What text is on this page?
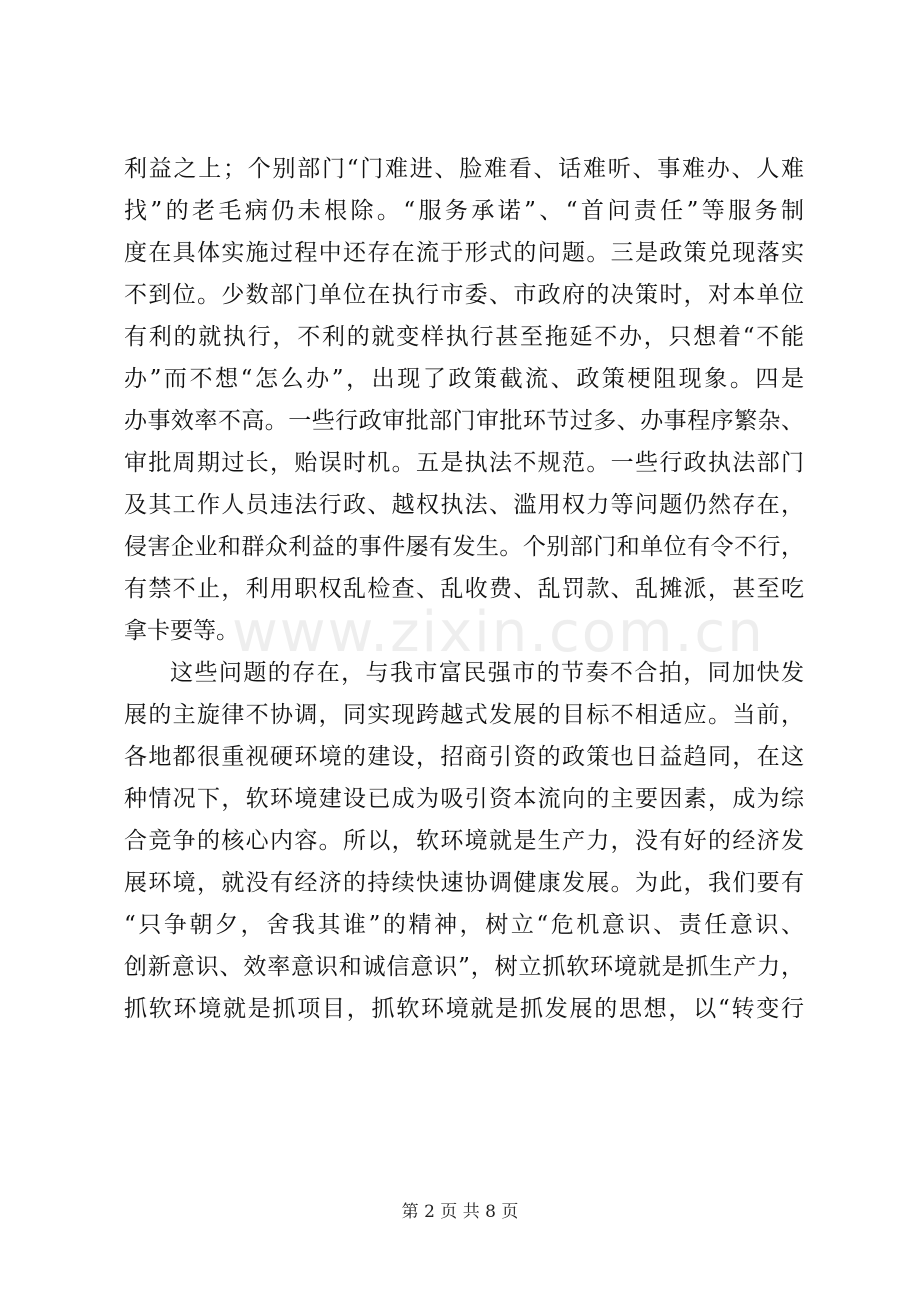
www.zixin.com.cn
利益之上；个别部门“门难进、脸难看、话难听、事难办、人难
找”的老毛病仍未根除。“服务承诺”、“首问责任”等服务制
度在具体实施过程中还存在流于形式的问题。三是政策兑现落实
不到位。少数部门单位在执行市委、市政府的决策时，对本单位
有利的就执行，不利的就变样执行甚至拖延不办，只想着“不能
办”而不想“怎么办”，出现了政策截流、政策梗阻现象。四是
办事效率不高。一些行政审批部门审批环节过多、办事程序繁杂、
审批周期过长，贻误时机。五是执法不规范。一些行政执法部门
及其工作人员违法行政、越权执法、滥用权力等问题仍然存在，
侵害企业和群众利益的事件屡有发生。个别部门和单位有令不行，
有禁不止，利用职权乱检查、乱收费、乱罚款、乱摊派，甚至吃
拿卡要等。
这些问题的存在，与我市富民强市的节奏不合拍，同加快发
展的主旋律不协调，同实现跨越式发展的目标不相适应。当前，
各地都很重视硬环境的建设，招商引资的政策也日益趋同，在这
种情况下，软环境建设已成为吸引资本流向的主要因素，成为综
合竞争的核心内容。所以，软环境就是生产力，没有好的经济发
展环境，就没有经济的持续快速协调健康发展。为此，我们要有
“只争朝夕，舍我其谁”的精神，树立“危机意识、责任意识、
创新意识、效率意识和诚信意识”，树立抓软环境就是抓生产力，
抓软环境就是抓项目，抓软环境就是抓发展的思想，以“转变行
第 2 页 共 8 页
